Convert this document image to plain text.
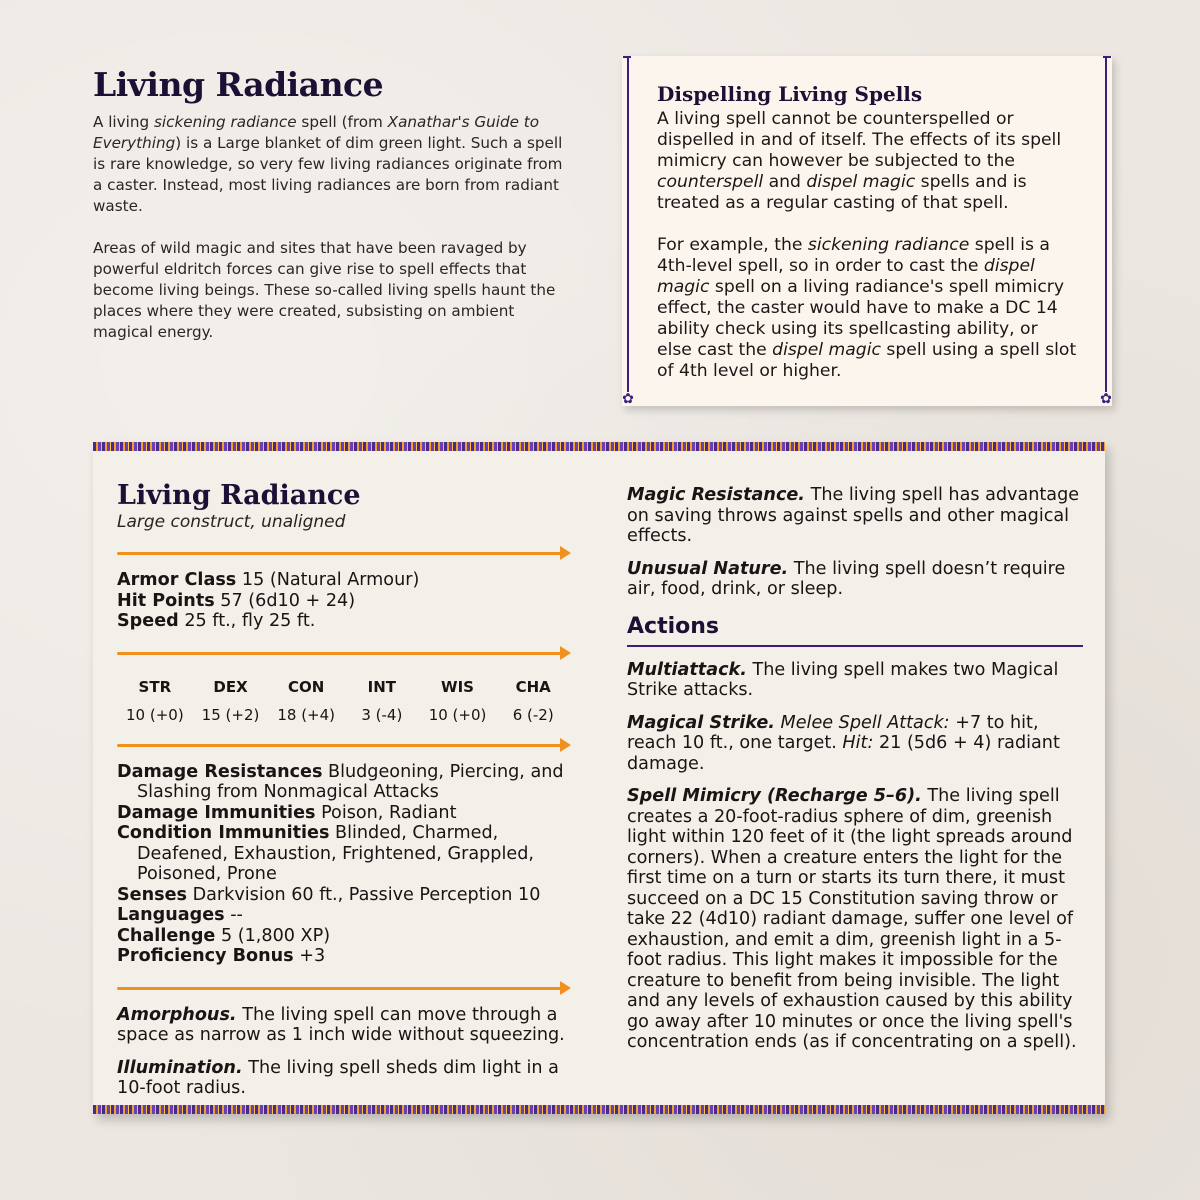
Living Radiance

A living sickening radiance spell (from Xanathar's Guide to Everything) is a Large blanket of dim green light. Such a spell is rare knowledge, so very few living radiances originate from a caster. Instead, most living radiances are born from radiant waste.

Areas of wild magic and sites that have been ravaged by powerful eldritch forces can give rise to spell effects that become living beings. These so-called living spells haunt the places where they were created, subsisting on ambient magical energy.

✿	✿
Dispelling Living Spells

A living spell cannot be counterspelled or dispelled in and of itself. The effects of its spell mimicry can however be subjected to the counterspell and dispel magic spells and is treated as a regular casting of that spell.

For example, the sickening radiance spell is a 4th-level spell, so in order to cast the dispel magic spell on a living radiance's spell mimicry effect, the caster would have to make a DC 14 ability check using its spellcasting ability, or else cast the dispel magic spell using a spell slot of 4th level or higher.

Living Radiance
Large construct, unaligned
Armor Class 15 (Natural Armour)
Hit Points 57 (6d10 + 24)
Speed 25 ft., fly 25 ft.
STR
10 (+0)
DEX
15 (+2)
CON
18 (+4)
INT
3 (-4)
WIS
10 (+0)
CHA
6 (-2)
Damage Resistances Bludgeoning, Piercing, and Slashing from Nonmagical Attacks
Damage Immunities Poison, Radiant
Condition Immunities Blinded, Charmed, Deafened, Exhaustion, Frightened, Grappled, Poisoned, Prone
Senses Darkvision 60 ft., Passive Perception 10
Languages --
Challenge 5 (1,800 XP)
Proficiency Bonus +3
Amorphous. The living spell can move through a space as narrow as 1 inch wide without squeezing.
Illumination. The living spell sheds dim light in a 10-foot radius.
Magic Resistance. The living spell has advantage on saving throws against spells and other magical effects.
Unusual Nature. The living spell doesn’t require air, food, drink, or sleep.
Actions
Multiattack. The living spell makes two Magical Strike attacks.
Magical Strike. Melee Spell Attack: +7 to hit, reach 10 ft., one target. Hit: 21 (5d6 + 4) radiant damage.
Spell Mimicry (Recharge 5–6). The living spell creates a 20-foot-radius sphere of dim, greenish light within 120 feet of it (the light spreads around corners). When a creature enters the light for the first time on a turn or starts its turn there, it must succeed on a DC 15 Constitution saving throw or take 22 (4d10) radiant damage, suffer one level of exhaustion, and emit a dim, greenish light in a 5-foot radius. This light makes it impossible for the creature to benefit from being invisible. The light and any levels of exhaustion caused by this ability go away after 10 minutes or once the living spell's concentration ends (as if concentrating on a spell).
